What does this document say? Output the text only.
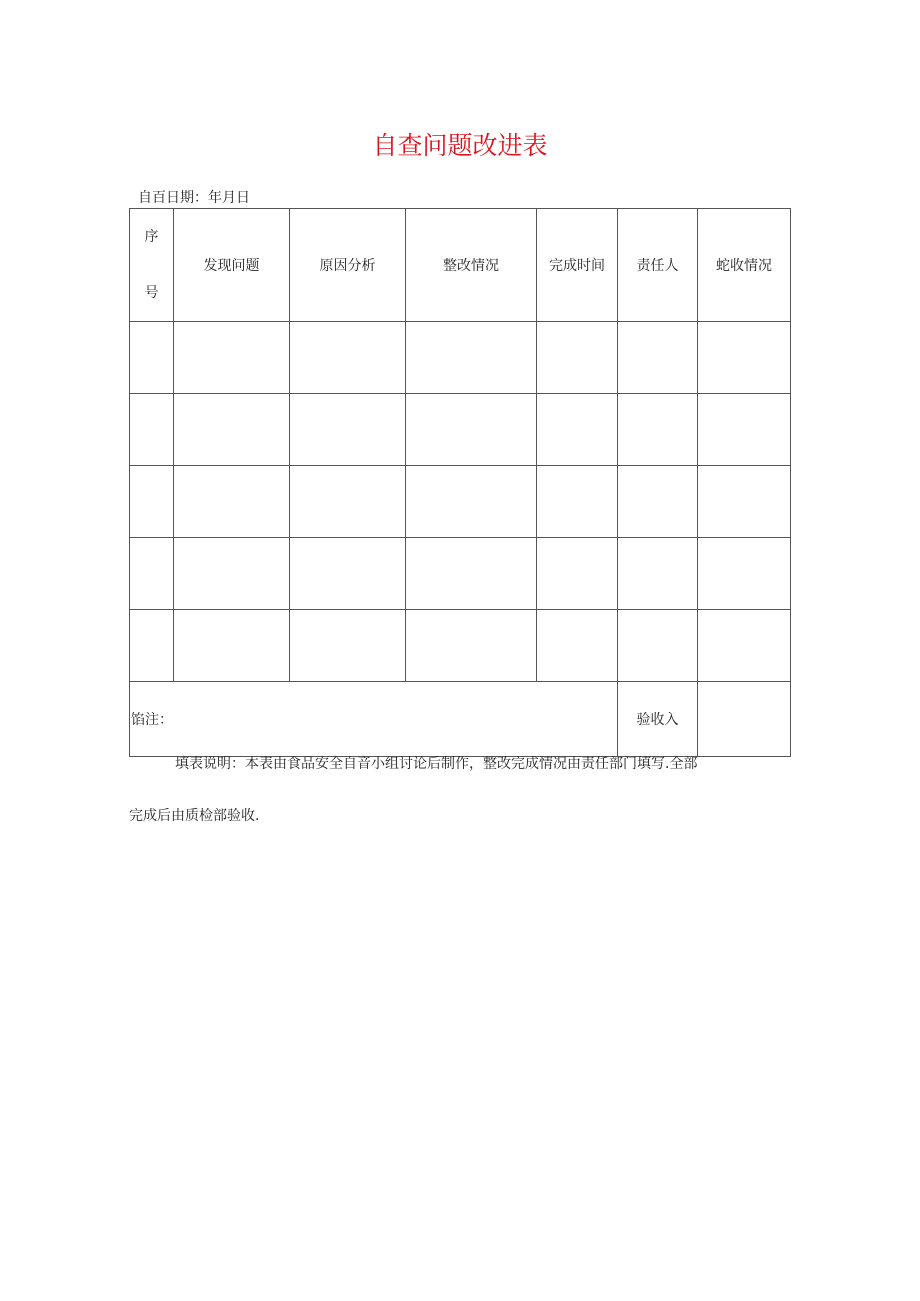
自查问题改进表
自百日期：年月日
序
号	发现问题	原因分析	整改情况	完成时间	责任人	蛇收情况

馅注：					验收入	
填表说明：本表由食品安全自音小组讨论后制作，整改完成情况由责任部门填写.全部
完成后由质检部验收.
